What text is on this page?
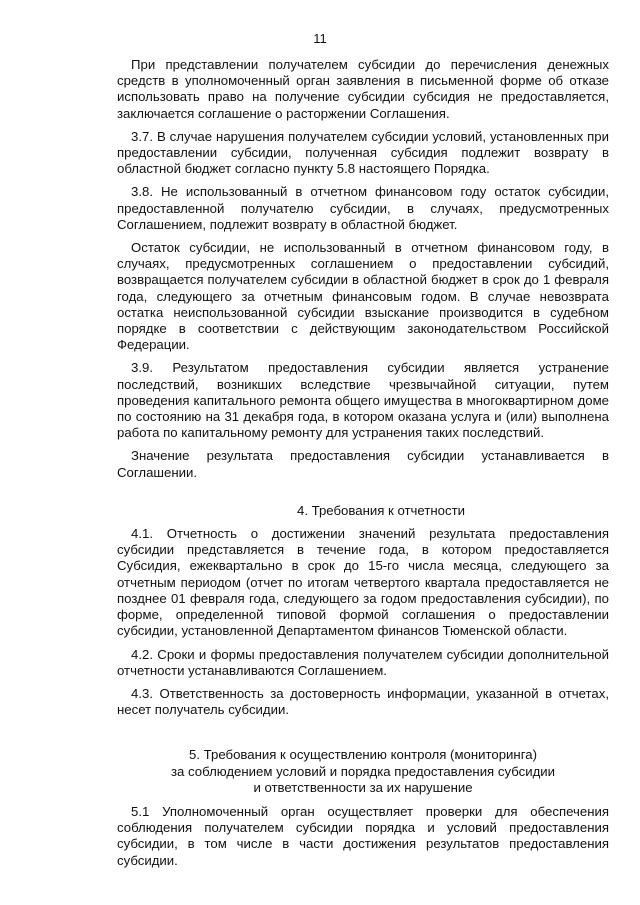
11

При представлении получателем субсидии до перечисления денежных средств в уполномоченный орган заявления в письменной форме об отказе использовать право на получение субсидии субсидия не предоставляется, заключается соглашение о расторжении Соглашения.

3.7. В случае нарушения получателем субсидии условий, установленных при предоставлении субсидии, полученная субсидия подлежит возврату в областной бюджет согласно пункту 5.8 настоящего Порядка.

3.8. Не использованный в отчетном финансовом году остаток субсидии, предоставленной получателю субсидии, в случаях, предусмотренных Соглашением, подлежит возврату в областной бюджет.

Остаток субсидии, не использованный в отчетном финансовом году, в случаях, предусмотренных соглашением о предоставлении субсидий, возвращается получателем субсидии в областной бюджет в срок до 1 февраля года, следующего за отчетным финансовым годом. В случае невозврата остатка неиспользованной субсидии взыскание производится в судебном порядке в соответствии с действующим законодательством Российской Федерации.

3.9. Результатом предоставления субсидии является устранение последствий, возникших вследствие чрезвычайной ситуации, путем проведения капитального ремонта общего имущества в многоквартирном доме по состоянию на 31 декабря года, в котором оказана услуга и (или) выполнена работа по капитальному ремонту для устранения таких последствий.

Значение результата предоставления субсидии устанавливается в Соглашении.

4. Требования к отчетности

4.1. Отчетность о достижении значений результата предоставления субсидии представляется в течение года, в котором предоставляется Субсидия, ежеквартально в срок до 15-го числа месяца, следующего за отчетным периодом (отчет по итогам четвертого квартала предоставляется не позднее 01 февраля года, следующего за годом предоставления субсидии), по форме, определенной типовой формой соглашения о предоставлении субсидии, установленной Департаментом финансов Тюменской области.

4.2. Сроки и формы предоставления получателем субсидии дополнительной отчетности устанавливаются Соглашением.

4.3. Ответственность за достоверность информации, указанной в отчетах, несет получатель субсидии.

5. Требования к осуществлению контроля (мониторинга)
за соблюдением условий и порядка предоставления субсидии
и ответственности за их нарушение

5.1 Уполномоченный орган осуществляет проверки для обеспечения соблюдения получателем субсидии порядка и условий предоставления субсидии, в том числе в части достижения результатов предоставления субсидии.
